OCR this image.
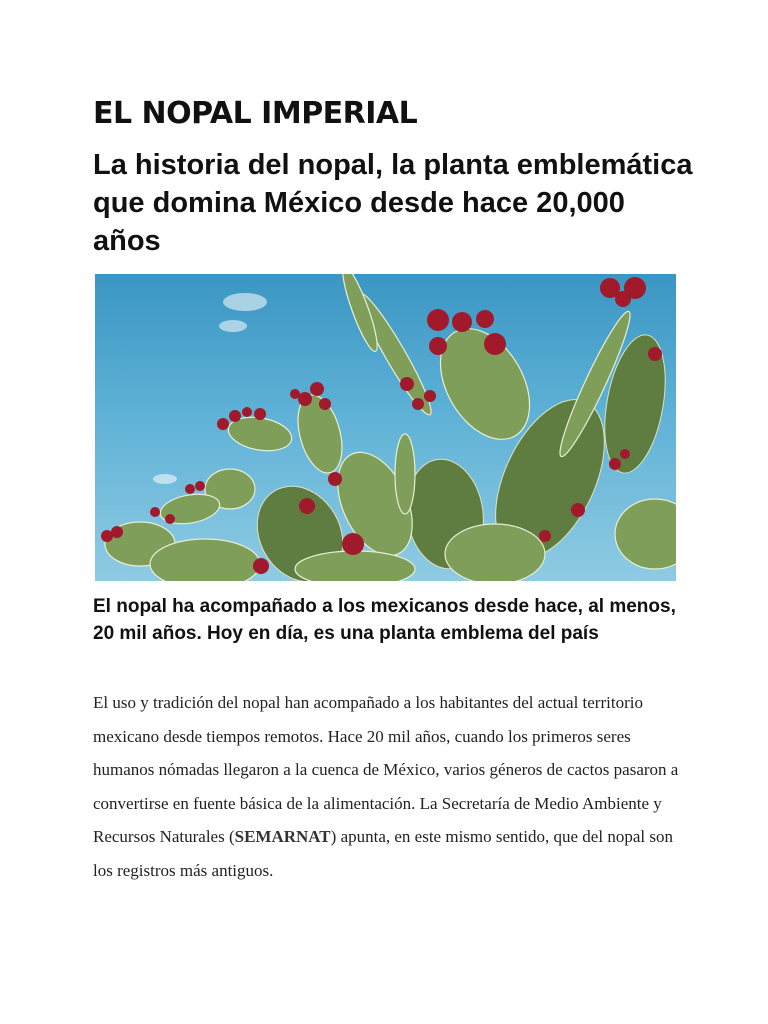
EL NOPAL IMPERIAL
La historia del nopal, la planta emblemática que domina México desde hace 20,000 años
El nopal ha acompañado a los mexicanos desde hace, al menos, 20 mil años. Hoy en día, es una planta emblema del país

El uso y tradición del nopal han acompañado a los habitantes del actual territorio mexicano desde tiempos remotos. Hace 20 mil años, cuando los primeros seres humanos nómadas llegaron a la cuenca de México, varios géneros de cactos pasaron a convertirse en fuente básica de la alimentación. La Secretaría de Medio Ambiente y Recursos Naturales (SEMARNAT) apunta, en este mismo sentido, que del nopal son los registros más antiguos.
